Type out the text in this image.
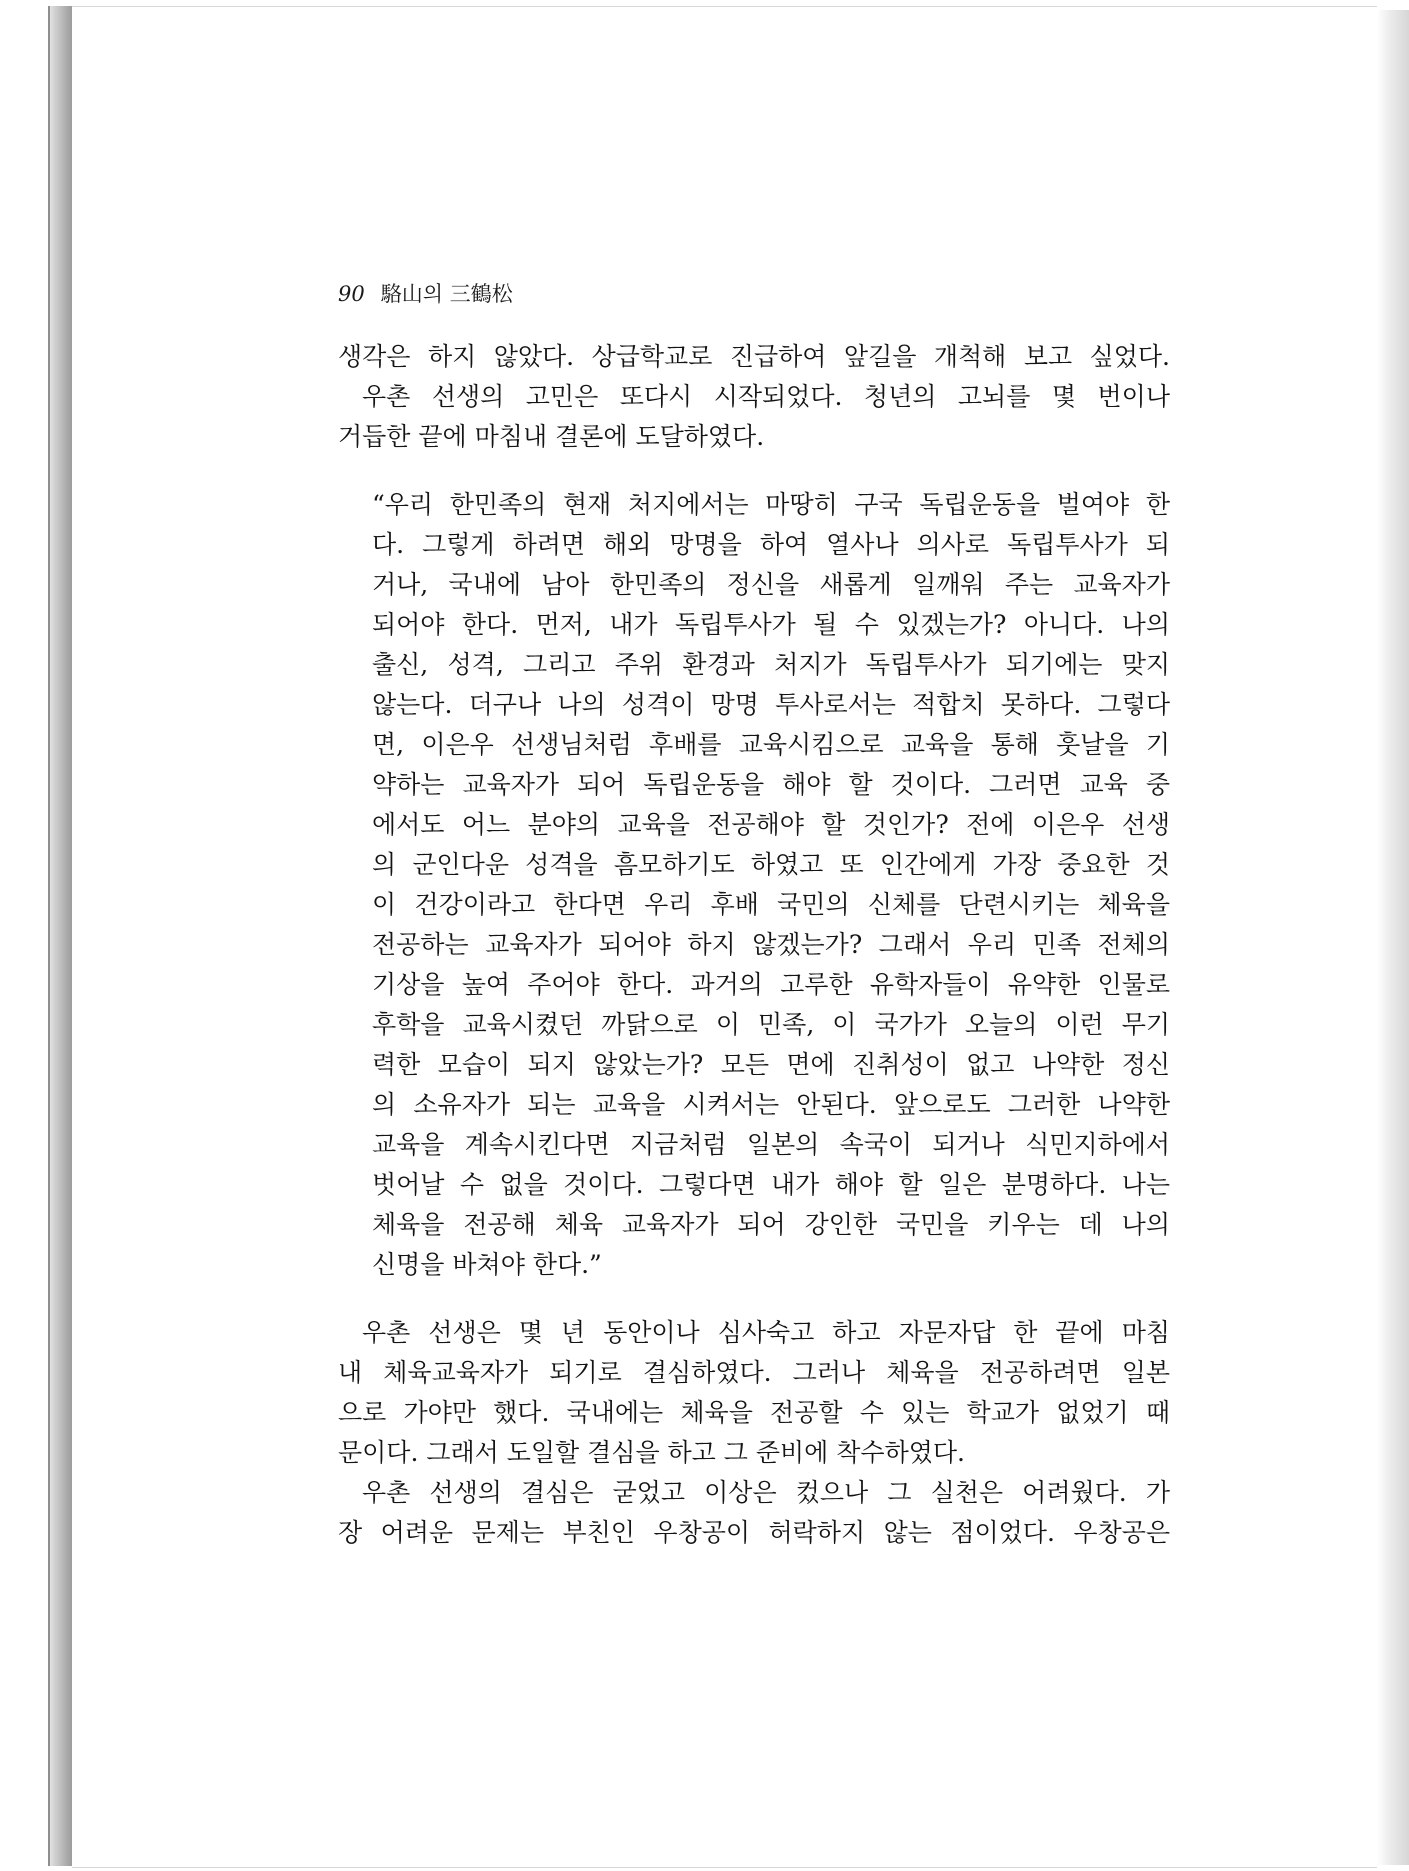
90 駱山의 三鶴松
생각은 하지 않았다. 상급학교로 진급하여 앞길을 개척해 보고 싶었다.
우촌 선생의 고민은 또다시 시작되었다. 청년의 고뇌를 몇 번이나
거듭한 끝에 마침내 결론에 도달하였다.
“우리 한민족의 현재 처지에서는 마땅히 구국 독립운동을 벌여야 한
다. 그렇게 하려면 해외 망명을 하여 열사나 의사로 독립투사가 되
거나, 국내에 남아 한민족의 정신을 새롭게 일깨워 주는 교육자가
되어야 한다. 먼저, 내가 독립투사가 될 수 있겠는가? 아니다. 나의
출신, 성격, 그리고 주위 환경과 처지가 독립투사가 되기에는 맞지
않는다. 더구나 나의 성격이 망명 투사로서는 적합치 못하다. 그렇다
면, 이은우 선생님처럼 후배를 교육시킴으로 교육을 통해 훗날을 기
약하는 교육자가 되어 독립운동을 해야 할 것이다. 그러면 교육 중
에서도 어느 분야의 교육을 전공해야 할 것인가? 전에 이은우 선생
의 군인다운 성격을 흠모하기도 하였고 또 인간에게 가장 중요한 것
이 건강이라고 한다면 우리 후배 국민의 신체를 단련시키는 체육을
전공하는 교육자가 되어야 하지 않겠는가? 그래서 우리 민족 전체의
기상을 높여 주어야 한다. 과거의 고루한 유학자들이 유약한 인물로
후학을 교육시켰던 까닭으로 이 민족, 이 국가가 오늘의 이런 무기
력한 모습이 되지 않았는가? 모든 면에 진취성이 없고 나약한 정신
의 소유자가 되는 교육을 시켜서는 안된다. 앞으로도 그러한 나약한
교육을 계속시킨다면 지금처럼 일본의 속국이 되거나 식민지하에서
벗어날 수 없을 것이다. 그렇다면 내가 해야 할 일은 분명하다. 나는
체육을 전공해 체육 교육자가 되어 강인한 국민을 키우는 데 나의
신명을 바쳐야 한다.”
우촌 선생은 몇 년 동안이나 심사숙고 하고 자문자답 한 끝에 마침
내 체육교육자가 되기로 결심하였다. 그러나 체육을 전공하려면 일본
으로 가야만 했다. 국내에는 체육을 전공할 수 있는 학교가 없었기 때
문이다. 그래서 도일할 결심을 하고 그 준비에 착수하였다.
우촌 선생의 결심은 굳었고 이상은 컸으나 그 실천은 어려웠다. 가
장 어려운 문제는 부친인 우창공이 허락하지 않는 점이었다. 우창공은
